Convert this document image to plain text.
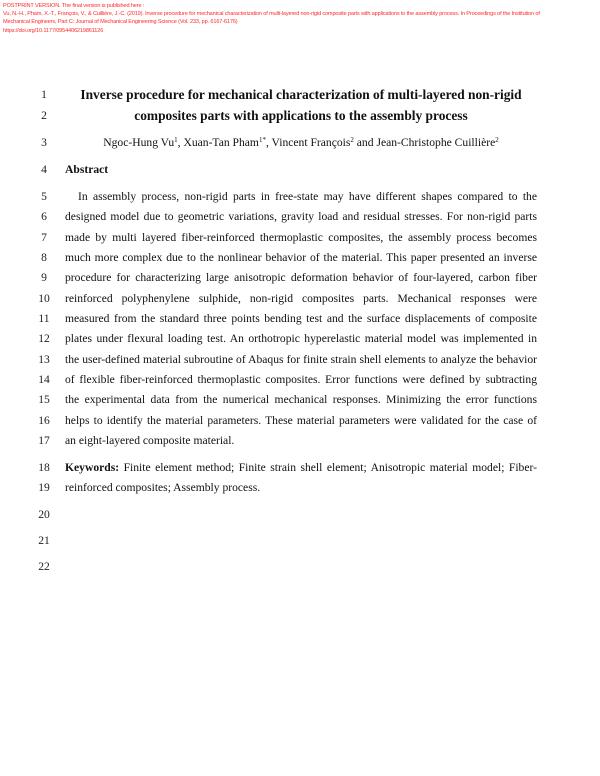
POSTPRINT VERSION. The final version is published here :
Vu, N.-H., Pham, X.-T., François, V., & Cuillière, J.-C. (2019). Inverse procedure for mechanical characterization of multi-layered non-rigid composite parts with applications to the assembly process. In Proceedings of the Institution of
Mechanical Engineers, Part C: Journal of Mechanical Engineering Science (Vol. 233, pp. 6167-6176)
https://doi.org/10.1177/0954406219861126
1	Inverse procedure for mechanical characterization of multi-layered non-rigid
2	composites parts with applications to the assembly process
3	Ngoc-Hung Vu$^1$, Xuan-Tan Pham$^{1*}$, Vincent François$^2$ and Jean-Christophe Cuillière$^2$
4	Abstract
5	In assembly process, non-rigid parts in free-state may have different shapes compared to the
6	designed model due to geometric variations, gravity load and residual stresses. For non-rigid parts
7	made by multi layered fiber-reinforced thermoplastic composites, the assembly process becomes
8	much more complex due to the nonlinear behavior of the material. This paper presented an inverse
9	procedure for characterizing large anisotropic deformation behavior of four-layered, carbon fiber
10	reinforced polyphenylene sulphide, non-rigid composites parts. Mechanical responses were
11	measured from the standard three points bending test and the surface displacements of composite
12	plates under flexural loading test. An orthotropic hyperelastic material model was implemented in
13	the user-defined material subroutine of Abaqus for finite strain shell elements to analyze the behavior
14	of flexible fiber-reinforced thermoplastic composites. Error functions were defined by subtracting
15	the experimental data from the numerical mechanical responses. Minimizing the error functions
16	helps to identify the material parameters. These material parameters were validated for the case of
17	an eight-layered composite material.
18	Keywords: Finite element method; Finite strain shell element; Anisotropic material model; Fiber-
19	reinforced composites; Assembly process.
20
21
22
